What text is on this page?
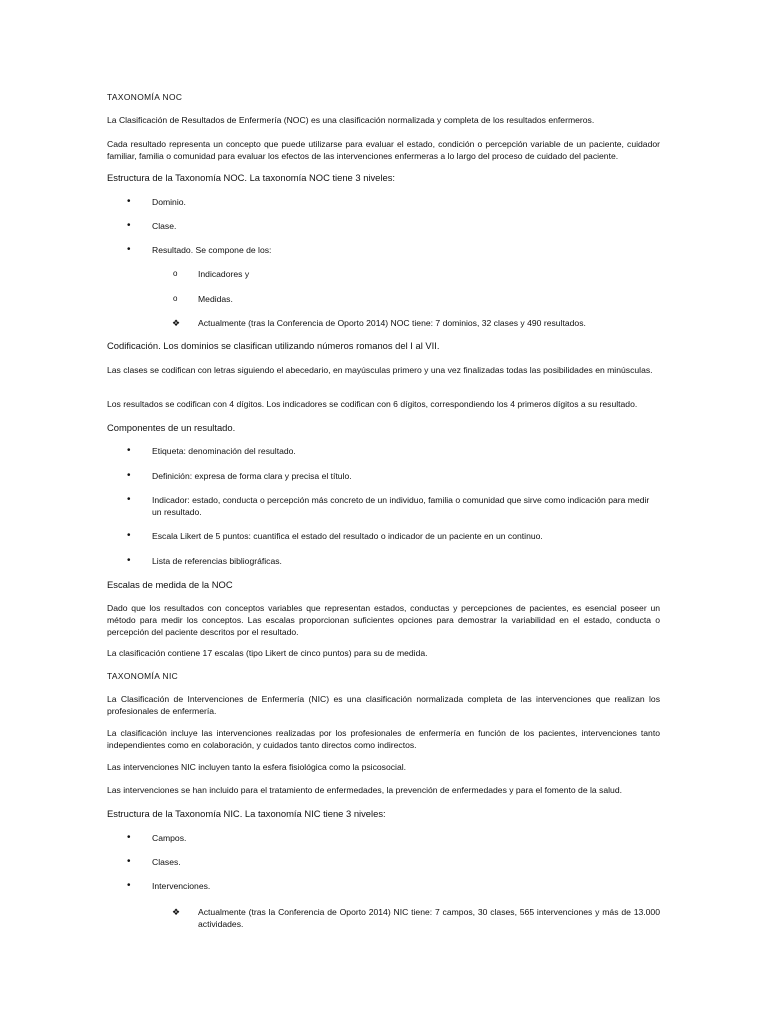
TAXONOMÍA NOC

La Clasificación de Resultados de Enfermería (NOC) es una clasificación normalizada y completa de los resultados enfermeros.

Cada resultado representa un concepto que puede utilizarse para evaluar el estado, condición o percepción variable de un paciente, cuidador familiar, familia o comunidad para evaluar los efectos de las intervenciones enfermeras a lo largo del proceso de cuidado del paciente.

Estructura de la Taxonomía NOC. La taxonomía NOC tiene 3 niveles:

•	Dominio.
•	Clase.
•	Resultado. Se compone de los:
o	Indicadores y
o	Medidas.
❖	Actualmente (tras la Conferencia de Oporto 2014) NOC tiene: 7 dominios, 32 clases y 490 resultados.

Codificación. Los dominios se clasifican utilizando números romanos del I al VII.

Las clases se codifican con letras siguiendo el abecedario, en mayúsculas primero y una vez finalizadas todas las posibilidades en minúsculas.

Los resultados se codifican con 4 dígitos. Los indicadores se codifican con 6 dígitos, correspondiendo los 4 primeros dígitos a su resultado.

Componentes de un resultado.

•	Etiqueta: denominación del resultado.
•	Definición: expresa de forma clara y precisa el título.
•	Indicador: estado, conducta o percepción más concreto de un individuo, familia o comunidad que sirve como indicación para medir un resultado.
•	Escala Likert de 5 puntos: cuantifica el estado del resultado o indicador de un paciente en un continuo.
•	Lista de referencias bibliográficas.

Escalas de medida de la NOC

Dado que los resultados con conceptos variables que representan estados, conductas y percepciones de pacientes, es esencial poseer un método para medir los conceptos. Las escalas proporcionan suficientes opciones para demostrar la variabilidad en el estado, conducta o percepción del paciente descritos por el resultado.

La clasificación contiene 17 escalas (tipo Likert de cinco puntos) para su de medida.

TAXONOMÍA NIC

La Clasificación de Intervenciones de Enfermería (NIC) es una clasificación normalizada completa de las intervenciones que realizan los profesionales de enfermería.

La clasificación incluye las intervenciones realizadas por los profesionales de enfermería en función de los pacientes, intervenciones tanto independientes como en colaboración, y cuidados tanto directos como indirectos.

Las intervenciones NIC incluyen tanto la esfera fisiológica como la psicosocial.

Las intervenciones se han incluido para el tratamiento de enfermedades, la prevención de enfermedades y para el fomento de la salud.

Estructura de la Taxonomía NIC. La taxonomía NIC tiene 3 niveles:

•	Campos.
•	Clases.
•	Intervenciones.
❖	Actualmente (tras la Conferencia de Oporto 2014) NIC tiene: 7 campos, 30 clases, 565 intervenciones y más de 13.000 actividades.
